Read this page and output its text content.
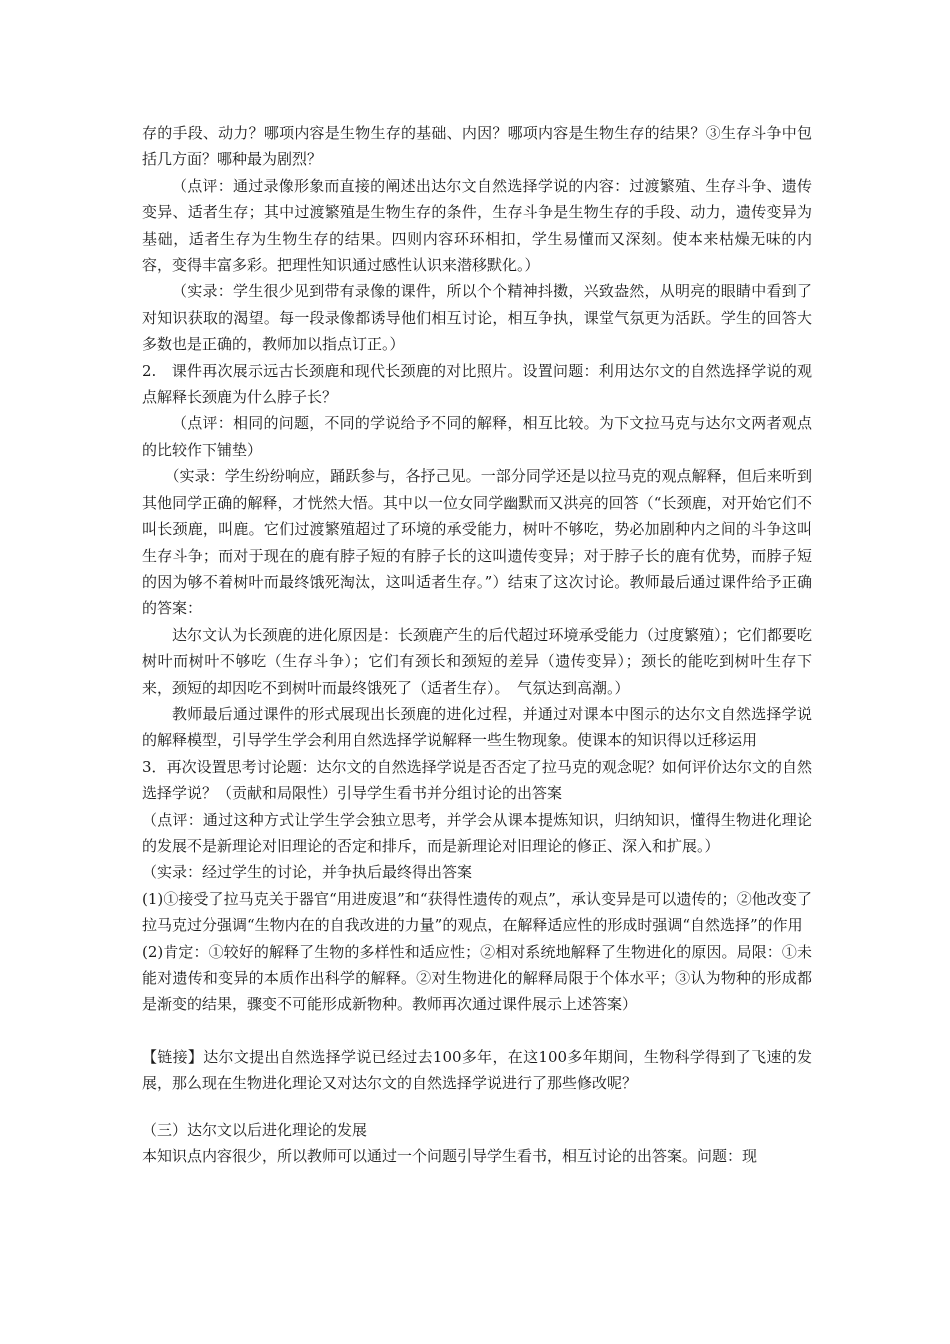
存的手段、动力？哪项内容是生物生存的基础、内因？哪项内容是生物生存的结果？③生存斗争中包括几方面？哪种最为剧烈？

（点评：通过录像形象而直接的阐述出达尔文自然选择学说的内容：过渡繁殖、生存斗争、遗传变异、适者生存；其中过渡繁殖是生物生存的条件，生存斗争是生物生存的手段、动力，遗传变异为基础，适者生存为生物生存的结果。四则内容环环相扣，学生易懂而又深刻。使本来枯燥无味的内容，变得丰富多彩。把理性知识通过感性认识来潜移默化。）

（实录：学生很少见到带有录像的课件，所以个个精神抖擞，兴致盎然，从明亮的眼睛中看到了对知识获取的渴望。每一段录像都诱导他们相互讨论，相互争执，课堂气氛更为活跃。学生的回答大多数也是正确的，教师加以指点订正。）

2.　课件再次展示远古长颈鹿和现代长颈鹿的对比照片。设置问题：利用达尔文的自然选择学说的观点解释长颈鹿为什么脖子长？

（点评：相同的问题，不同的学说给予不同的解释，相互比较。为下文拉马克与达尔文两者观点的比较作下铺垫）

（实录：学生纷纷响应，踊跃参与，各抒己见。一部分同学还是以拉马克的观点解释，但后来听到其他同学正确的解释，才恍然大悟。其中以一位女同学幽默而又洪亮的回答（“长颈鹿，对开始它们不叫长颈鹿，叫鹿。它们过渡繁殖超过了环境的承受能力，树叶不够吃，势必加剧种内之间的斗争这叫生存斗争；而对于现在的鹿有脖子短的有脖子长的这叫遗传变异；对于脖子长的鹿有优势，而脖子短的因为够不着树叶而最终饿死淘汰，这叫适者生存。”）结束了这次讨论。教师最后通过课件给予正确的答案：

达尔文认为长颈鹿的进化原因是：长颈鹿产生的后代超过环境承受能力（过度繁殖）；它们都要吃树叶而树叶不够吃（生存斗争）；它们有颈长和颈短的差异（遗传变异）；颈长的能吃到树叶生存下来，颈短的却因吃不到树叶而最终饿死了（适者生存）。　气氛达到高潮。）

教师最后通过课件的形式展现出长颈鹿的进化过程，并通过对课本中图示的达尔文自然选择学说的解释模型，引导学生学会利用自然选择学说解释一些生物现象。使课本的知识得以迁移运用

3．再次设置思考讨论题：达尔文的自然选择学说是否否定了拉马克的观念呢？如何评价达尔文的自然选择学说？（贡献和局限性）引导学生看书并分组讨论的出答案

（点评：通过这种方式让学生学会独立思考，并学会从课本提炼知识，归纳知识，懂得生物进化理论的发展不是新理论对旧理论的否定和排斥，而是新理论对旧理论的修正、深入和扩展。）

（实录：经过学生的讨论，并争执后最终得出答案

(1)①接受了拉马克关于器官“用进废退”和“获得性遗传的观点”，承认变异是可以遗传的；②他改变了拉马克过分强调“生物内在的自我改进的力量”的观点，在解释适应性的形成时强调“自然选择”的作用

(2)肯定：①较好的解释了生物的多样性和适应性；②相对系统地解释了生物进化的原因。局限：①未能对遗传和变异的本质作出科学的解释。②对生物进化的解释局限于个体水平；③认为物种的形成都是渐变的结果，骤变不可能形成新物种。教师再次通过课件展示上述答案）

【链接】达尔文提出自然选择学说已经过去100多年，在这100多年期间，生物科学得到了飞速的发展，那么现在生物进化理论又对达尔文的自然选择学说进行了那些修改呢？

（三）达尔文以后进化理论的发展

本知识点内容很少，所以教师可以通过一个问题引导学生看书，相互讨论的出答案。问题：现
